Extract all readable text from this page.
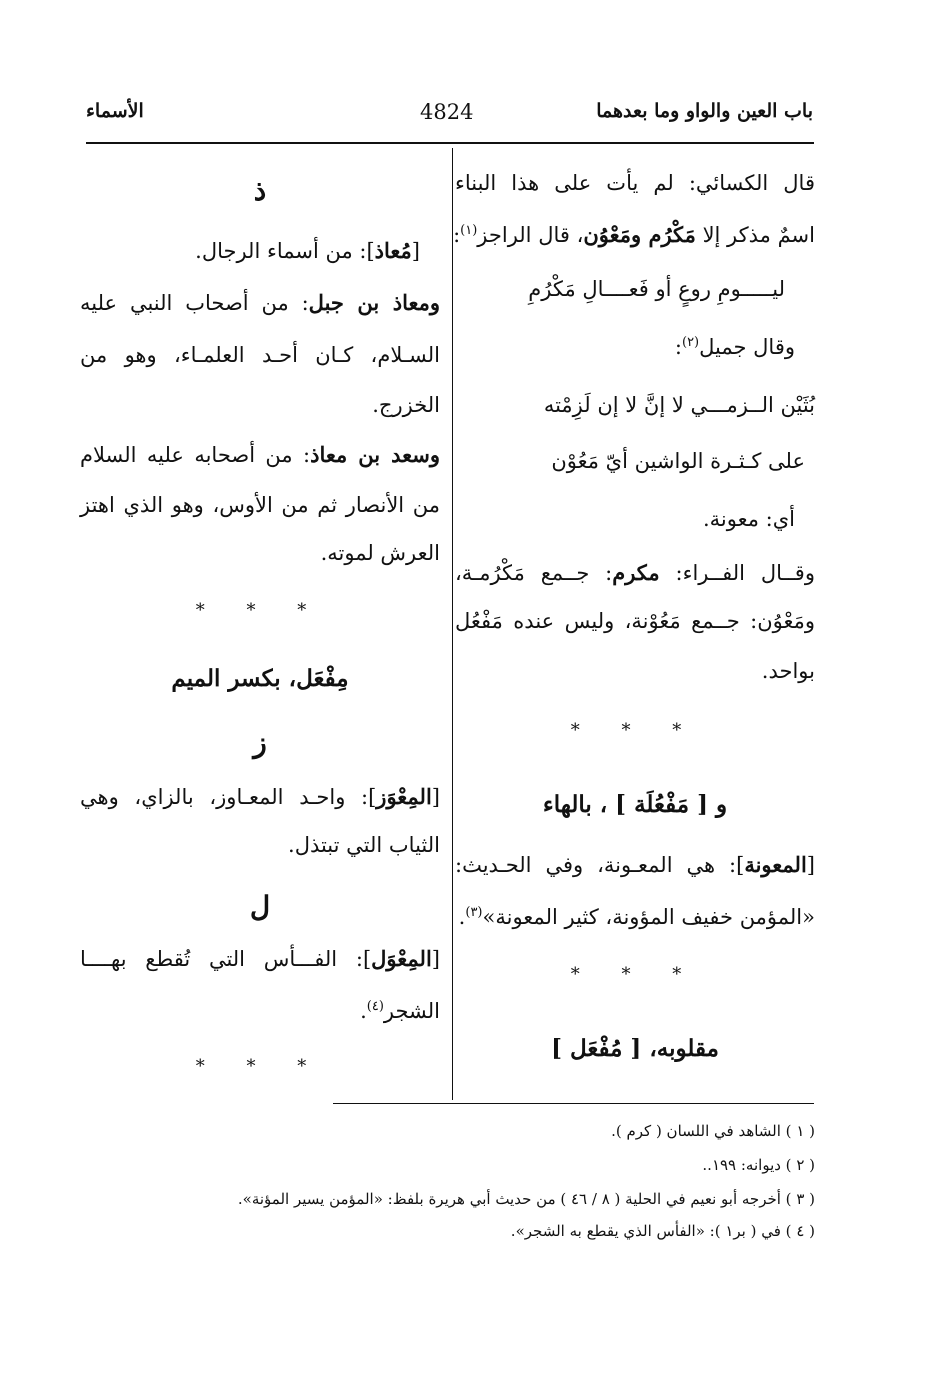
باب العين والواو وما بعدهما
4824
الأسماء
قال الكسائي: لم يأت على هذا البناء
اسمٌ مذكر إلا مَكْرُم ومَعْوُن، قال الراجز$^{(١)}$:
ليـــــومِ روعٍ أو فَعــــالِ مَكْرُمِ
وقال جميل$^{(٢)}$:
بُثَيْن الــزمـــي لا إنَّ لا إن لَزِمْته
على كـثـرة الواشين أيّ مَعُوْن
أي: معونة.
وقــال الفــراء: مكرم: جــمع مَكْرُمـة،
ومَعْوُن: جــمع مَعُوْنة، وليس عنده مَفْعُل
بواحد.
* * *
و [ مَفْعُلَة ] ، بالهاء
[المعونة]: هي المعـونة، وفي الحـديث:
«المؤمن خفيف المؤونة، كثير المعونة»$^{(٣)}$.
* * *
مقلوبه، [ مُفْعَل ]
ذ
[مُعاذ]: من أسماء الرجال.
ومعاذ بن جبل: من أصحاب النبي عليه
السـلام، كـان أحـد العلمـاء، وهو من
الخزرج.
وسعد بن معاذ: من أصحابه عليه السلام
من الأنصار ثم من الأوس، وهو الذي اهتز
العرش لموته.
* * *
مِفْعَل، بكسر الميم
ز
[المِعْوَز]: واحـد المعـاوز، بالزاي، وهي
الثياب التي تبتذل.
ل
[المِعْوَل]: الفـــأس التي تُقطع بهــــا
الشجر$^{(٤)}$.
* * *
( ١ ) الشاهد في اللسان ( كرم ).
( ٢ ) ديوانه: ١٩٩..
( ٣ ) أخرجه أبو نعيم في الحلية ( ٨ / ٤٦ ) من حديث أبي هريرة بلفظ: «المؤمن يسير المؤنة».
( ٤ ) في ( بر١ ): «الفأس الذي يقطع به الشجر».
